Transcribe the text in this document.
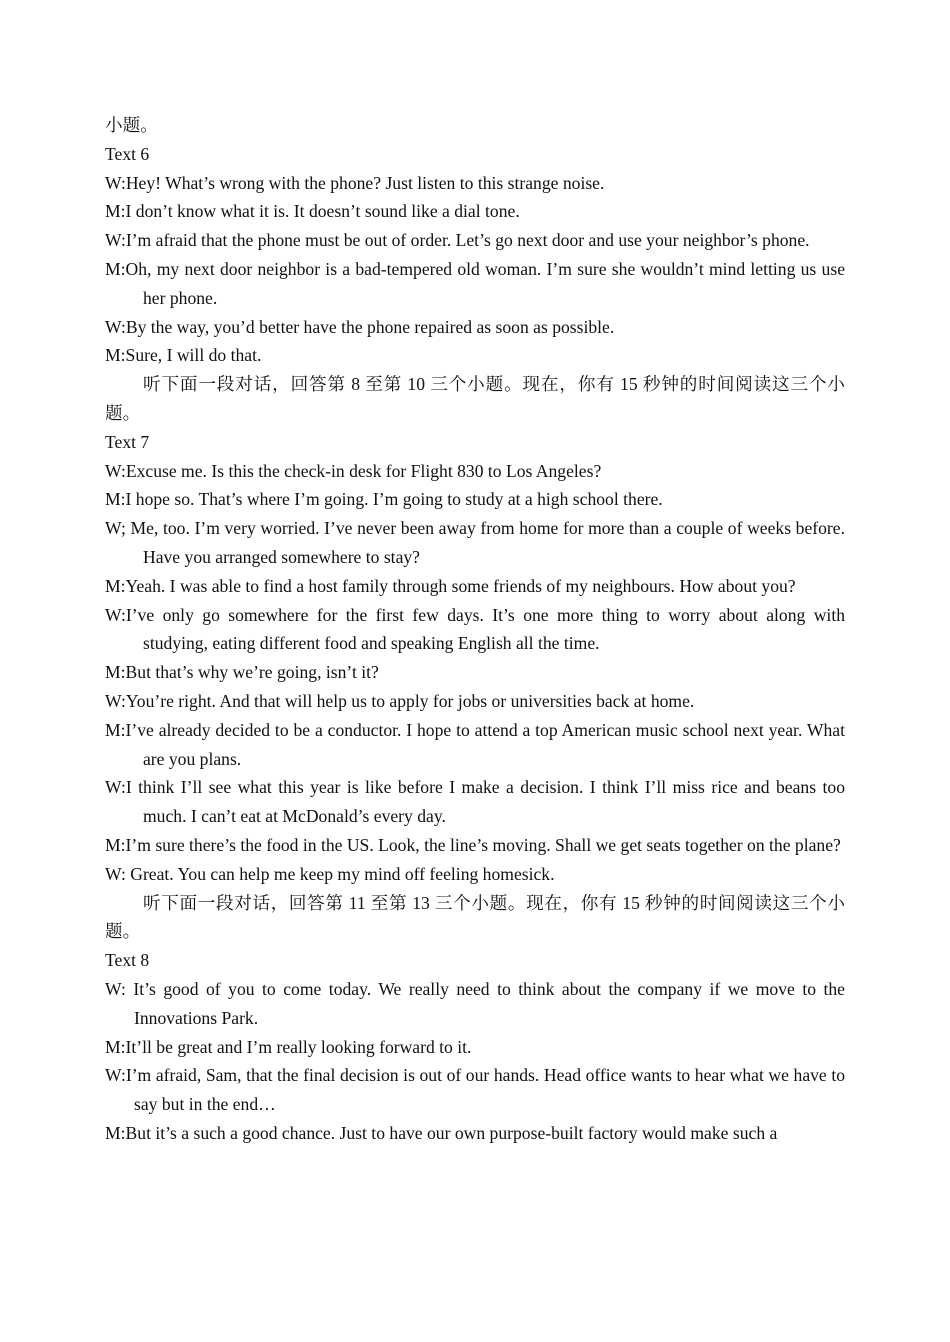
小题。

Text 6

W:Hey! What’s wrong with the phone? Just listen to this strange noise.

M:I don’t know what it is. It doesn’t sound like a dial tone.

W:I’m afraid that the phone must be out of order. Let’s go next door and use your neighbor’s phone.

M:Oh, my next door neighbor is a bad-tempered old woman. I’m sure she wouldn’t mind letting us use her phone.

W:By the way, you’d better have the phone repaired as soon as possible.

M:Sure, I will do that.

听下面一段对话，回答第 8 至第 10 三个小题。现在，你有 15 秒钟的时间阅读这三个小题。

Text 7

W:Excuse me. Is this the check-in desk for Flight 830 to Los Angeles?

M:I hope so. That’s where I’m going. I’m going to study at a high school there.

W; Me, too. I’m very worried. I’ve never been away from home for more than a couple of weeks before. Have you arranged somewhere to stay?

M:Yeah. I was able to find a host family through some friends of my neighbours. How about you?

W:I’ve only go somewhere for the first few days. It’s one more thing to worry about along with studying, eating different food and speaking English all the time.

M:But that’s why we’re going, isn’t it?

W:You’re right. And that will help us to apply for jobs or universities back at home.

M:I’ve already decided to be a conductor. I hope to attend a top American music school next year. What are you plans.

W:I think I’ll see what this year is like before I make a decision. I think I’ll miss rice and beans too much. I can’t eat at McDonald’s every day.

M:I’m sure there’s the food in the US. Look, the line’s moving. Shall we get seats together on the plane?

W: Great. You can help me keep my mind off feeling homesick.

听下面一段对话，回答第 11 至第 13 三个小题。现在，你有 15 秒钟的时间阅读这三个小题。

Text 8

W: It’s good of you to come today. We really need to think about the company if we move to the Innovations Park.

M:It’ll be great and I’m really looking forward to it.

W:I’m afraid, Sam, that the final decision is out of our hands. Head office wants to hear what we have to say but in the end…

M:But it’s a such a good chance. Just to have our own purpose-built factory would make such a
